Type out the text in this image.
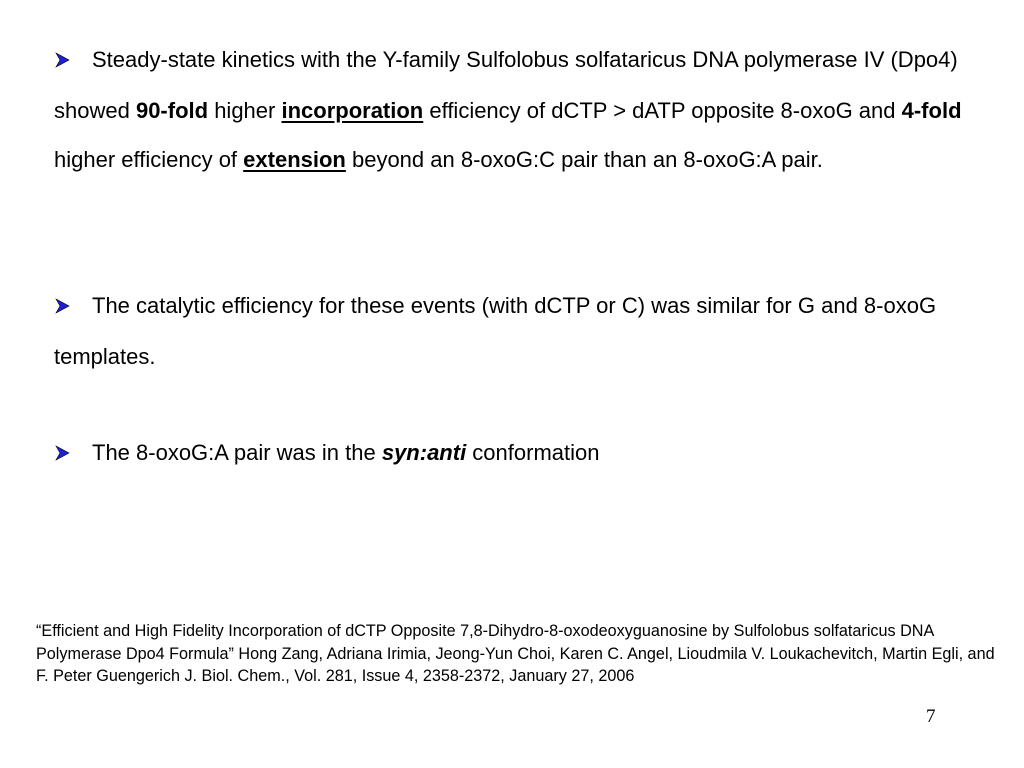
Steady-state kinetics with the Y-family Sulfolobus solfataricus DNA polymerase IV (Dpo4) showed 90-fold higher incorporation efficiency of dCTP > dATP opposite 8-oxoG and 4-fold higher efficiency of extension beyond an 8-oxoG:C pair than an 8-oxoG:A pair.

The catalytic efficiency for these events (with dCTP or C) was similar for G and 8-oxoG templates.

The 8-oxoG:A pair was in the syn:anti conformation

“Efficient and High Fidelity Incorporation of dCTP Opposite 7,8-Dihydro-8-oxodeoxyguanosine by Sulfolobus solfataricus DNA Polymerase Dpo4 Formula” Hong Zang, Adriana Irimia, Jeong-Yun Choi, Karen C. Angel, Lioudmila V. Loukachevitch, Martin Egli, and F. Peter Guengerich J. Biol. Chem., Vol. 281, Issue 4, 2358-2372, January 27, 2006

7
